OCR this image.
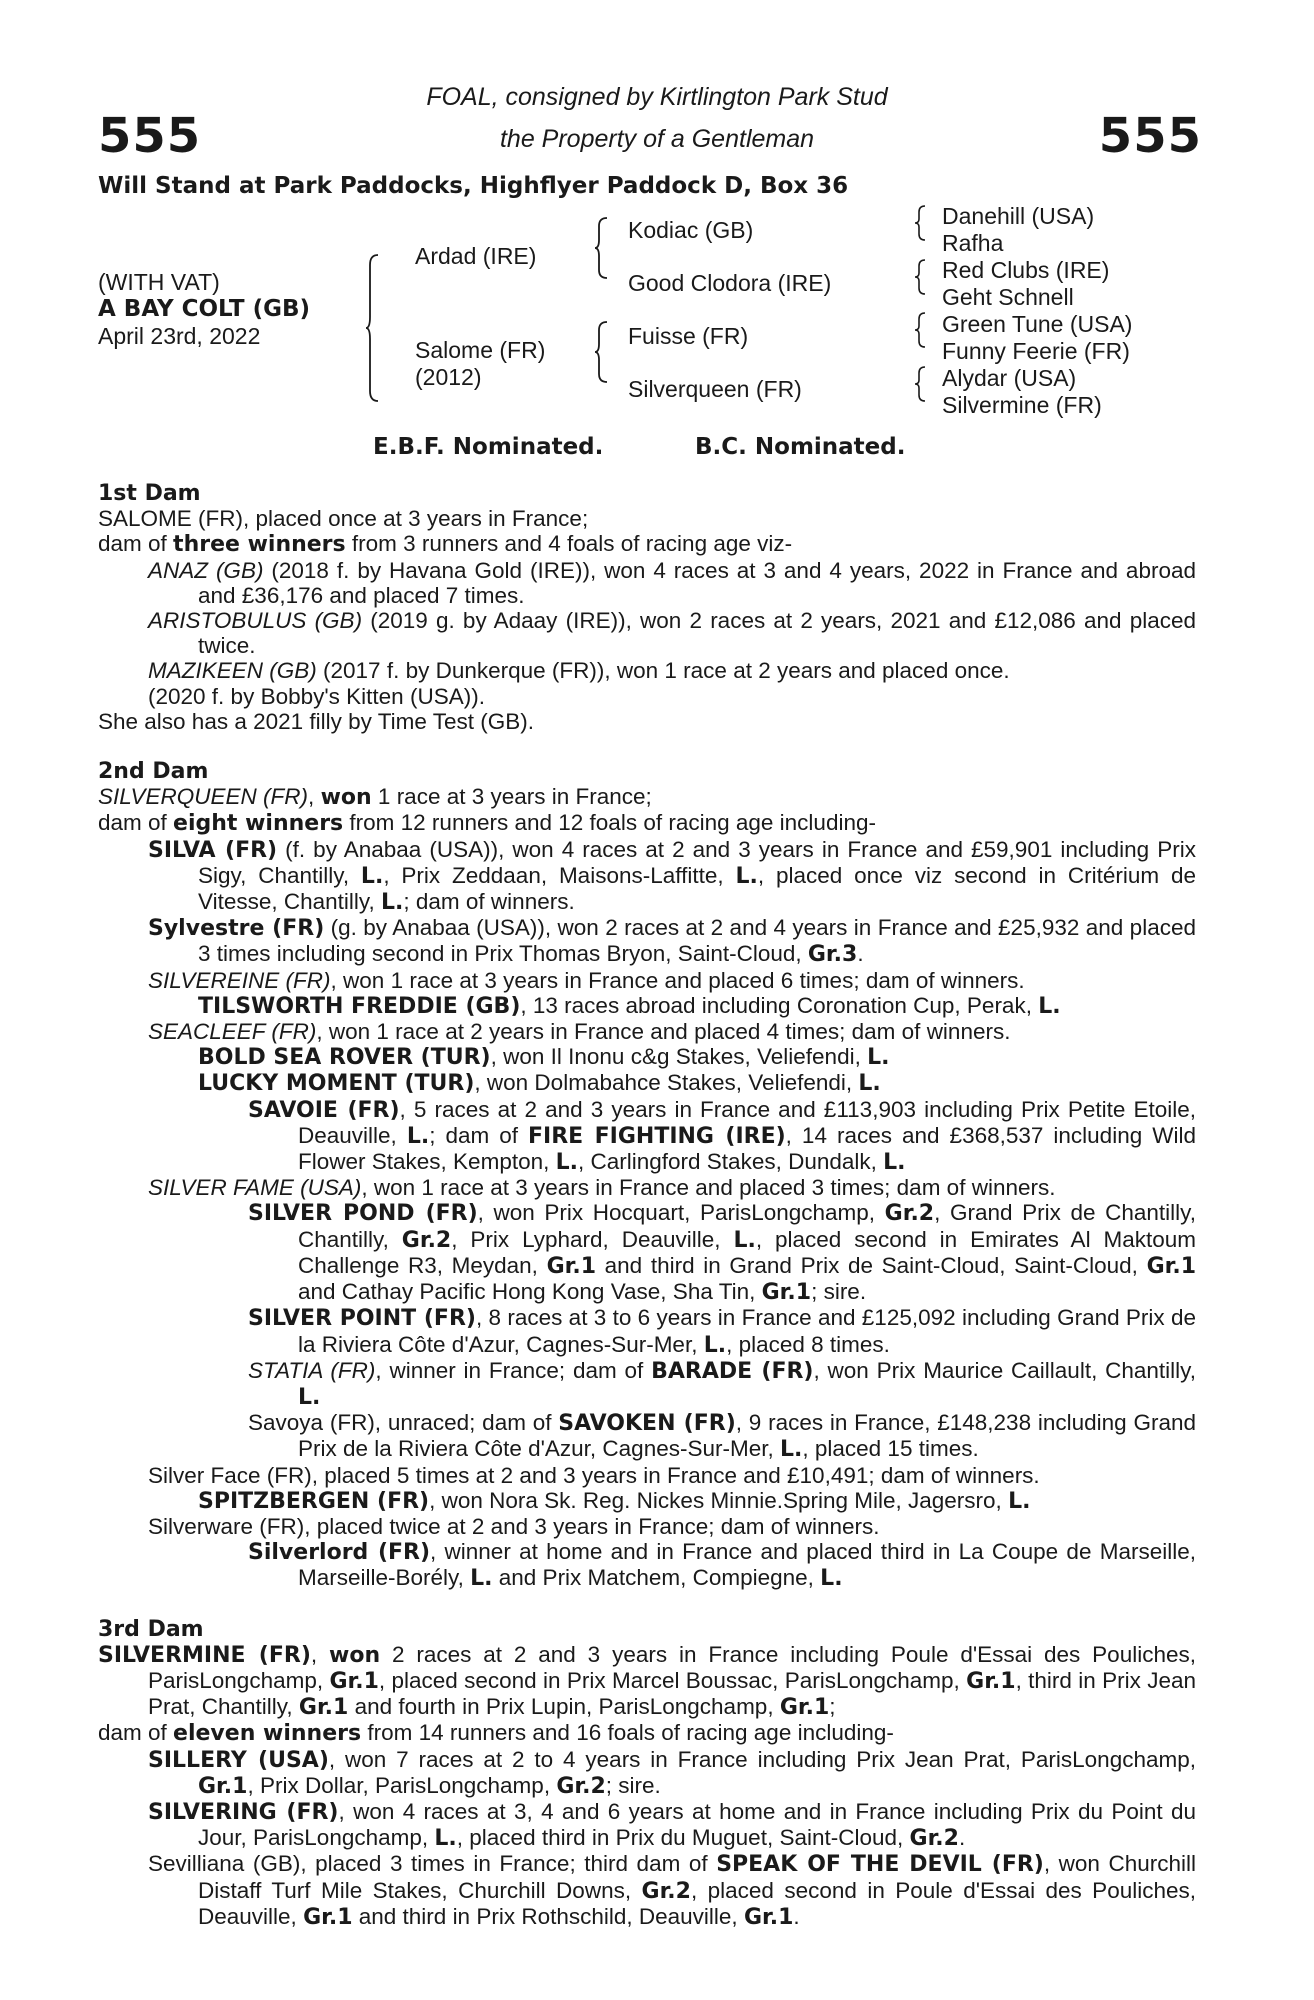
555	555
FOAL, consigned by Kirtlington Park Stud
the Property of a Gentleman
Will Stand at Park Paddocks, Highflyer Paddock D, Box 36
(WITH VAT)
A BAY COLT (GB)
April 23rd, 2022
Ardad (IRE)
Salome (FR)
(2012)
Kodiac (GB)
Good Clodora (IRE)
Fuisse (FR)
Silverqueen (FR)
Danehill (USA)
Rafha
Red Clubs (IRE)
Geht Schnell
Green Tune (USA)
Funny Feerie (FR)
Alydar (USA)
Silvermine (FR)
E.B.F. Nominated.	B.C. Nominated.
1st Dam
SALOME (FR), placed once at 3 years in France;
dam of three winners from 3 runners and 4 foals of racing age viz-
ANAZ (GB) (2018 f. by Havana Gold (IRE)), won 4 races at 3 and 4 years, 2022 in France and abroad and £36,176 and placed 7 times.
ARISTOBULUS (GB) (2019 g. by Adaay (IRE)), won 2 races at 2 years, 2021 and £12,086 and placed twice.
MAZIKEEN (GB) (2017 f. by Dunkerque (FR)), won 1 race at 2 years and placed once.
(2020 f. by Bobby's Kitten (USA)).
She also has a 2021 filly by Time Test (GB).
2nd Dam
SILVERQUEEN (FR), won 1 race at 3 years in France;
dam of eight winners from 12 runners and 12 foals of racing age including-
SILVA (FR) (f. by Anabaa (USA)), won 4 races at 2 and 3 years in France and £59,901 including Prix Sigy, Chantilly, L., Prix Zeddaan, Maisons-Laffitte, L., placed once viz second in Critérium de Vitesse, Chantilly, L.; dam of winners.
Sylvestre (FR) (g. by Anabaa (USA)), won 2 races at 2 and 4 years in France and £25,932 and placed 3 times including second in Prix Thomas Bryon, Saint-Cloud, Gr.3.
SILVEREINE (FR), won 1 race at 3 years in France and placed 6 times; dam of winners.
TILSWORTH FREDDIE (GB), 13 races abroad including Coronation Cup, Perak, L.
SEACLEEF (FR), won 1 race at 2 years in France and placed 4 times; dam of winners.
BOLD SEA ROVER (TUR), won Il Inonu c&g Stakes, Veliefendi, L.
LUCKY MOMENT (TUR), won Dolmabahce Stakes, Veliefendi, L.
SAVOIE (FR), 5 races at 2 and 3 years in France and £113,903 including Prix Petite Etoile, Deauville, L.; dam of FIRE FIGHTING (IRE), 14 races and £368,537 including Wild Flower Stakes, Kempton, L., Carlingford Stakes, Dundalk, L.
SILVER FAME (USA), won 1 race at 3 years in France and placed 3 times; dam of winners.
SILVER POND (FR), won Prix Hocquart, ParisLongchamp, Gr.2, Grand Prix de Chantilly, Chantilly, Gr.2, Prix Lyphard, Deauville, L., placed second in Emirates Al Maktoum Challenge R3, Meydan, Gr.1 and third in Grand Prix de Saint-Cloud, Saint-Cloud, Gr.1 and Cathay Pacific Hong Kong Vase, Sha Tin, Gr.1; sire.
SILVER POINT (FR), 8 races at 3 to 6 years in France and £125,092 including Grand Prix de la Riviera Côte d'Azur, Cagnes-Sur-Mer, L., placed 8 times.
STATIA (FR), winner in France; dam of BARADE (FR), won Prix Maurice Caillault, Chantilly, L.
Savoya (FR), unraced; dam of SAVOKEN (FR), 9 races in France, £148,238 including Grand Prix de la Riviera Côte d'Azur, Cagnes-Sur-Mer, L., placed 15 times.
Silver Face (FR), placed 5 times at 2 and 3 years in France and £10,491; dam of winners.
SPITZBERGEN (FR), won Nora Sk. Reg. Nickes Minnie.Spring Mile, Jagersro, L.
Silverware (FR), placed twice at 2 and 3 years in France; dam of winners.
Silverlord (FR), winner at home and in France and placed third in La Coupe de Marseille, Marseille-Borély, L. and Prix Matchem, Compiegne, L.
3rd Dam
SILVERMINE (FR), won 2 races at 2 and 3 years in France including Poule d'Essai des Pouliches, ParisLongchamp, Gr.1, placed second in Prix Marcel Boussac, ParisLongchamp, Gr.1, third in Prix Jean Prat, Chantilly, Gr.1 and fourth in Prix Lupin, ParisLongchamp, Gr.1;
dam of eleven winners from 14 runners and 16 foals of racing age including-
SILLERY (USA), won 7 races at 2 to 4 years in France including Prix Jean Prat, ParisLongchamp, Gr.1, Prix Dollar, ParisLongchamp, Gr.2; sire.
SILVERING (FR), won 4 races at 3, 4 and 6 years at home and in France including Prix du Point du Jour, ParisLongchamp, L., placed third in Prix du Muguet, Saint-Cloud, Gr.2.
Sevilliana (GB), placed 3 times in France; third dam of SPEAK OF THE DEVIL (FR), won Churchill Distaff Turf Mile Stakes, Churchill Downs, Gr.2, placed second in Poule d'Essai des Pouliches, Deauville, Gr.1 and third in Prix Rothschild, Deauville, Gr.1.
